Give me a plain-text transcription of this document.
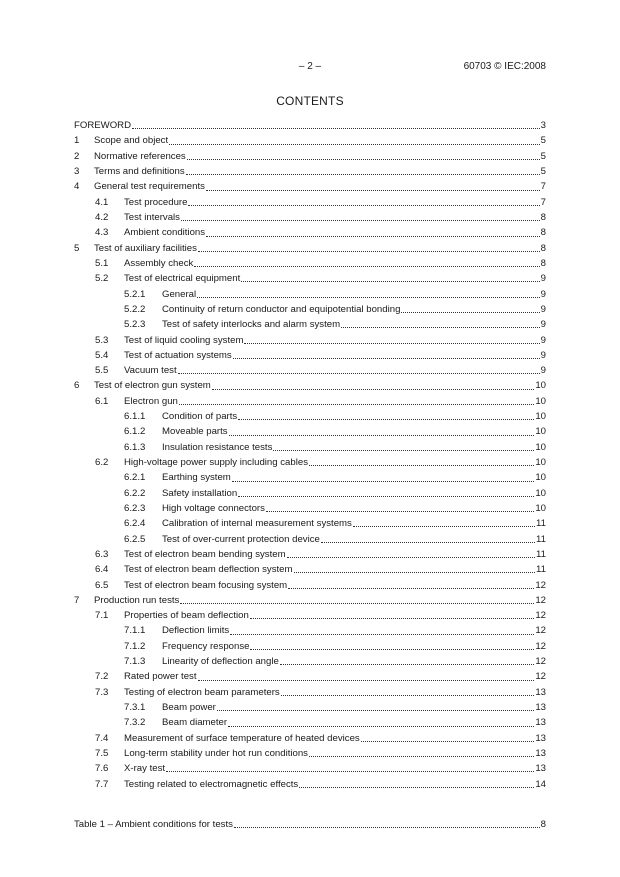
– 2 –	60703 © IEC:2008
CONTENTS
FOREWORD	3
1 Scope and object	5
2 Normative references	5
3 Terms and definitions	5
4 General test requirements	7
4.1 Test procedure	7
4.2 Test intervals	8
4.3 Ambient conditions	8
5 Test of auxiliary facilities	8
5.1 Assembly check	8
5.2 Test of electrical equipment	9
5.2.1 General	9
5.2.2 Continuity of return conductor and equipotential bonding	9
5.2.3 Test of safety interlocks and alarm system	9
5.3 Test of liquid cooling system	9
5.4 Test of actuation systems	9
5.5 Vacuum test	9
6 Test of electron gun system	10
6.1 Electron gun	10
6.1.1 Condition of parts	10
6.1.2 Moveable parts	10
6.1.3 Insulation resistance tests	10
6.2 High-voltage power supply including cables	10
6.2.1 Earthing system	10
6.2.2 Safety installation	10
6.2.3 High voltage connectors	10
6.2.4 Calibration of internal measurement systems	11
6.2.5 Test of over-current protection device	11
6.3 Test of electron beam bending system	11
6.4 Test of electron beam deflection system	11
6.5 Test of electron beam focusing system	12
7 Production run tests	12
7.1 Properties of beam deflection	12
7.1.1 Deflection limits	12
7.1.2 Frequency response	12
7.1.3 Linearity of deflection angle	12
7.2 Rated power test	12
7.3 Testing of electron beam parameters	13
7.3.1 Beam power	13
7.3.2 Beam diameter	13
7.4 Measurement of surface temperature of heated devices	13
7.5 Long-term stability under hot run conditions	13
7.6 X-ray test	13
7.7 Testing related to electromagnetic effects	14
Table 1 – Ambient conditions for tests	8
